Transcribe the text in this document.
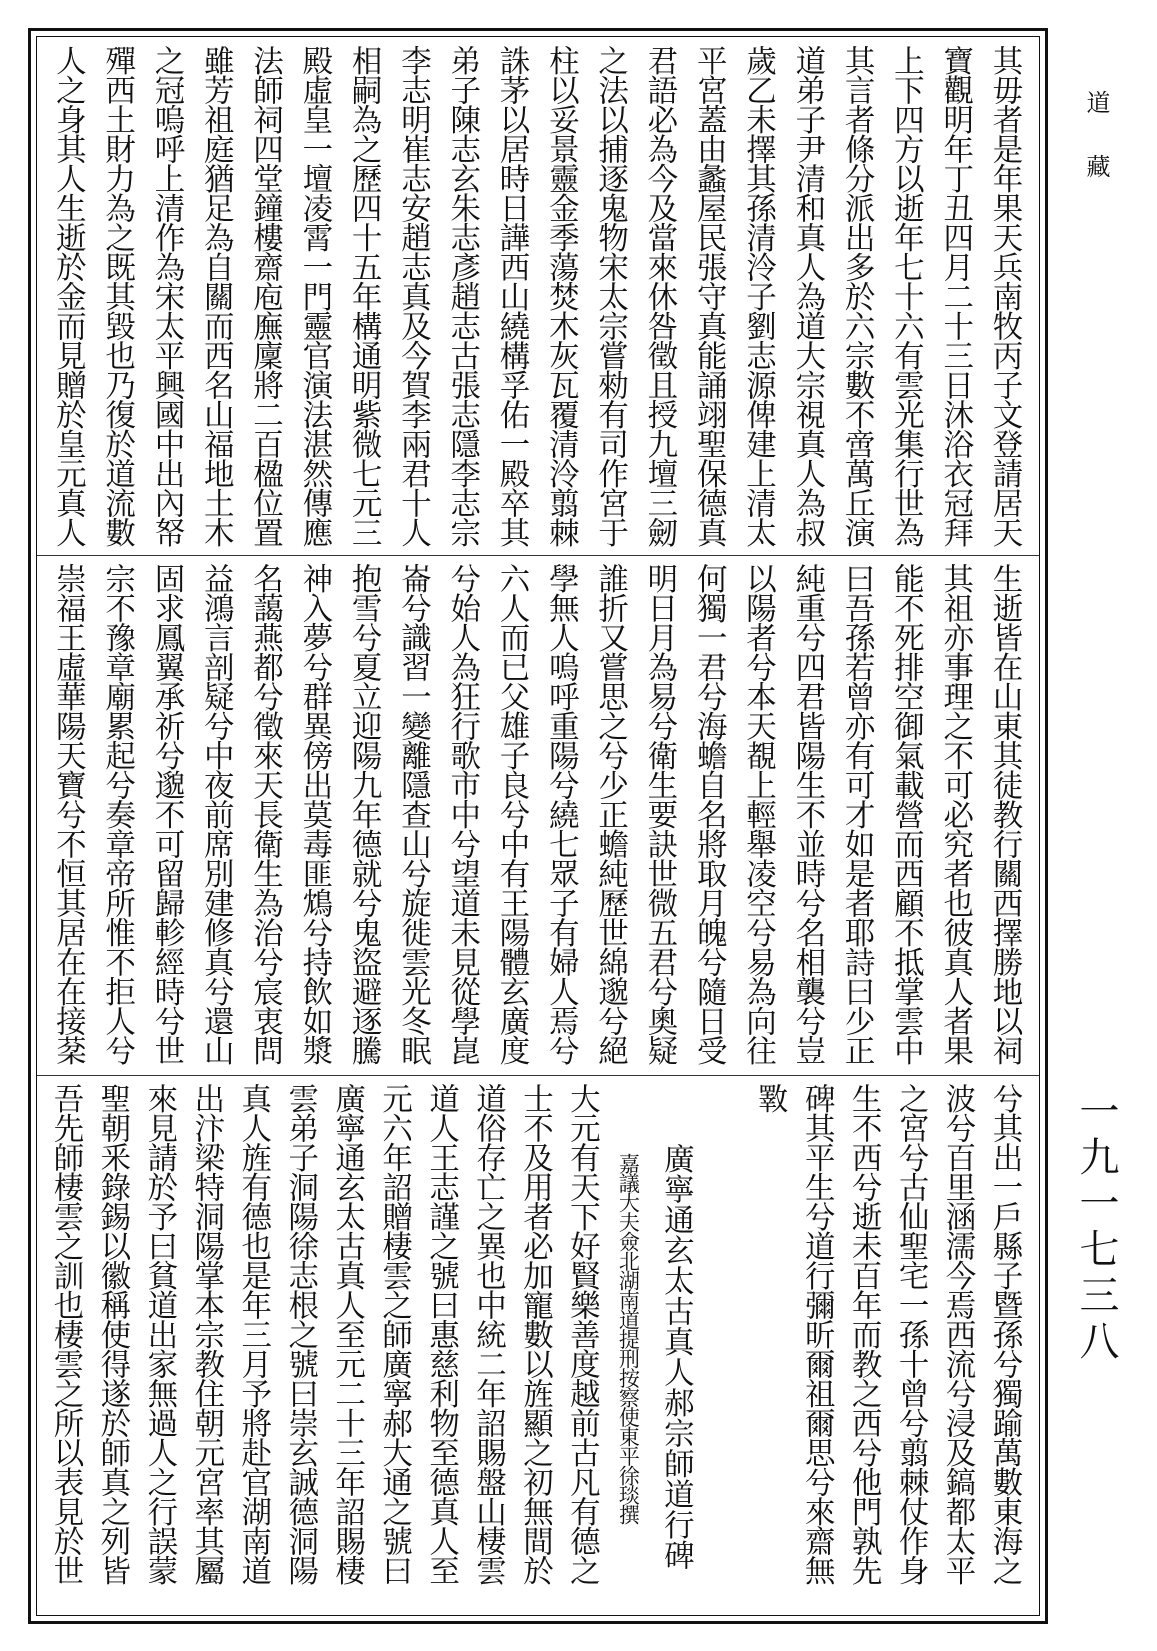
其毋者是年果天兵南牧丙子文登請居天
寶觀明年丁丑四月二十三日沐浴衣冠拜
上下四方以逝年七十六有雲光集行世為
其言者條分派出多於六宗數不啻萬丘演
道弟子尹清和真人為道大宗視真人為叔
歲乙未擇其孫清泠子劉志源俾建上清太
平宮蓋由蠡屋民張守真能誦翊聖保德真
君語必為今及當來休咎徵且授九壇三劒
之法以捕逐鬼物宋太宗嘗勑有司作宮于
柱以妥景靈金季蕩焚木灰瓦覆清泠翦棘
誅茅以居時日譁西山繞構孚佑一殿卒其
弟子陳志玄朱志彥趙志古張志隱李志宗
李志明崔志安趙志真及今賀李兩君十人
相嗣為之歷四十五年構通明紫微七元三
殿虛皇一壇凌霄一門靈官演法湛然傳應
法師祠四堂鐘樓齋庖廡廩將二百楹位置
雖芳祖庭猶足為自關而西名山福地土木
之冠嗚呼上清作為宋太平興國中出內帑
殫西土財力為之既其毀也乃復於道流數
人之身其人生逝於金而見贈於皇元真人
生逝皆在山東其徒教行關西擇勝地以祠
其祖亦事理之不可必究者也彼真人者果
能不死排空御氣載營而西顧不抵掌雲中
曰吾孫若曾亦有可才如是者耶詩曰少正
純重兮四君皆陽生不並時兮名相襲兮豈
以陽者兮本天覩上輕舉凌空兮易為向往
何獨一君兮海蟾自名將取月魄兮隨日受
明日月為易兮衛生要訣世微五君兮奧疑
誰折又嘗思之兮少正蟾純歷世綿邈兮絕
學無人嗚呼重陽兮繞七眾子有婦人焉兮
六人而已父雄子良兮中有王陽體玄廣度
兮始人為狂行歌市中兮望道未見從學崑
崙兮識習一變離隱查山兮旋徙雲光冬眠
抱雪兮夏立迎陽九年德就兮鬼盜避逐騰
神入夢兮群異傍出莫毒匪鴆兮持飲如漿
名藹燕都兮徵來天長衛生為治兮宸衷問
益鴻言剖疑兮中夜前席別建修真兮還山
固求鳳翼承祈兮邈不可留歸軫經時兮世
宗不豫章廟累起兮奏章帝所惟不拒人兮
崇福王虛華陽天寶兮不恒其居在在接棻
兮其出一戶縣子暨孫兮獨踰萬數東海之
波兮百里涵濡今焉西流兮浸及鎬都太平
之宮兮古仙聖宅一孫十曾兮翦棘仗作身
生不西兮逝未百年而教之西兮他門孰先
碑其平生兮道行彌昕爾祖爾思兮來齋無
斁
廣寧通玄太古真人郝宗師道行碑
嘉議大夫僉北湖南道提刑按察使東平徐琰撰
大元有天下好賢樂善度越前古凡有德之
士不及用者必加寵數以旌顯之初無間於
道俗存亡之異也中統二年詔賜盤山棲雲
道人王志謹之號曰惠慈利物至德真人至
元六年詔贈棲雲之師廣寧郝大通之號曰
廣寧通玄太古真人至元二十三年詔賜棲
雲弟子洞陽徐志根之號曰崇玄誠德洞陽
真人旌有德也是年三月予將赴官湖南道
出汴梁特洞陽掌本宗教住朝元宮率其屬
來見請於予曰貧道出家無過人之行誤蒙
聖朝釆錄錫以徽稱使得遂於師真之列皆
吾先師棲雲之訓也棲雲之所以表見於世
道藏
一九一七三八
